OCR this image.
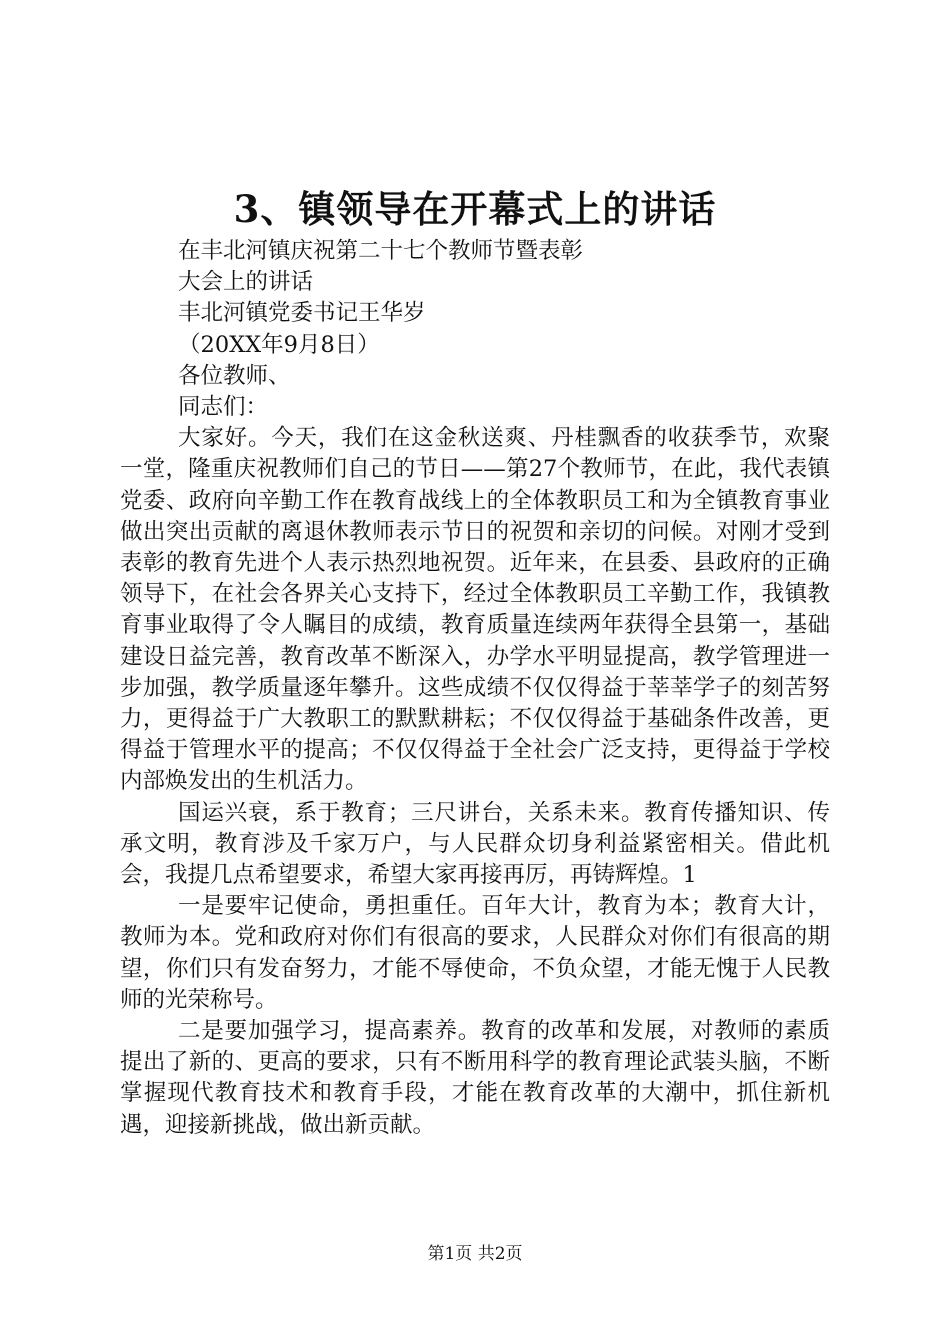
3、镇领导在开幕式上的讲话

在丰北河镇庆祝第二十七个教师节暨表彰

大会上的讲话

丰北河镇党委书记王华岁

（20XX年9月8日）

各位教师、

同志们：

大家好。今天，我们在这金秋送爽、丹桂飘香的收获季节，欢聚一堂，隆重庆祝教师们自己的节日——第27个教师节，在此，我代表镇党委、政府向辛勤工作在教育战线上的全体教职员工和为全镇教育事业做出突出贡献的离退休教师表示节日的祝贺和亲切的问候。对刚才受到表彰的教育先进个人表示热烈地祝贺。近年来，在县委、县政府的正确领导下，在社会各界关心支持下，经过全体教职员工辛勤工作，我镇教育事业取得了令人瞩目的成绩，教育质量连续两年获得全县第一，基础建设日益完善，教育改革不断深入，办学水平明显提高，教学管理进一步加强，教学质量逐年攀升。这些成绩不仅仅得益于莘莘学子的刻苦努力，更得益于广大教职工的默默耕耘；不仅仅得益于基础条件改善，更得益于管理水平的提高；不仅仅得益于全社会广泛支持，更得益于学校内部焕发出的生机活力。

国运兴衰，系于教育；三尺讲台，关系未来。教育传播知识、传承文明，教育涉及千家万户，与人民群众切身利益紧密相关。借此机会，我提几点希望要求，希望大家再接再厉，再铸辉煌。1

一是要牢记使命，勇担重任。百年大计，教育为本；教育大计，教师为本。党和政府对你们有很高的要求，人民群众对你们有很高的期望，你们只有发奋努力，才能不辱使命，不负众望，才能无愧于人民教师的光荣称号。

二是要加强学习，提高素养。教育的改革和发展，对教师的素质提出了新的、更高的要求，只有不断用科学的教育理论武装头脑，不断掌握现代教育技术和教育手段，才能在教育改革的大潮中，抓住新机遇，迎接新挑战，做出新贡献。

第1页 共2页
